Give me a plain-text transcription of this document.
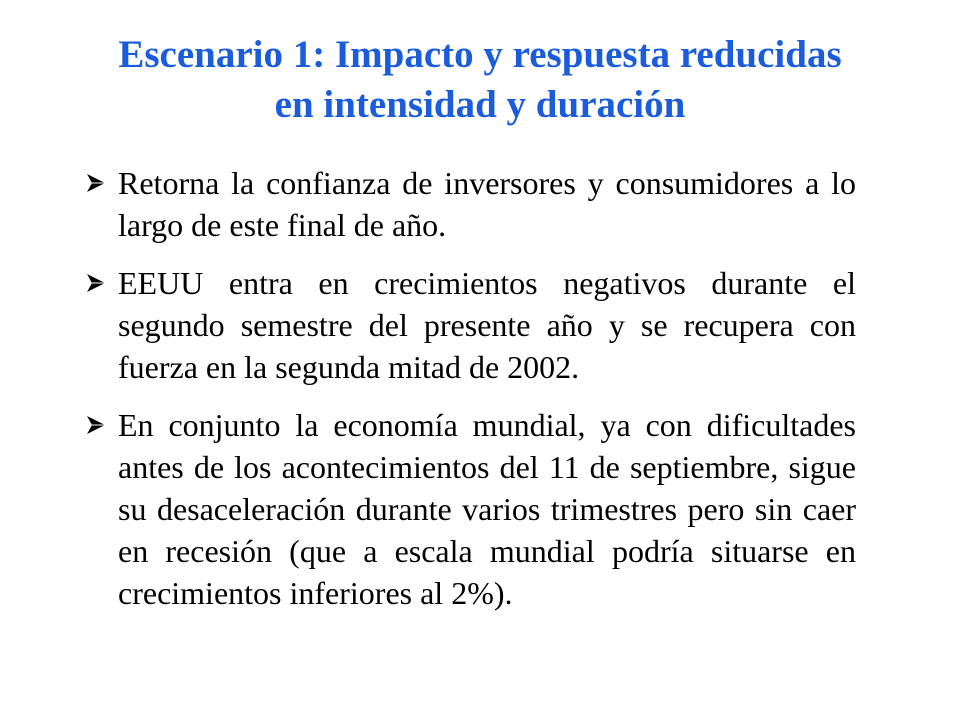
Escenario 1: Impacto y respuesta reducidas
en intensidad y duración
Retorna la confianza de inversores y consumidores a lo largo de este final de año.
EEUU entra en crecimientos negativos durante el segundo semestre del presente año y se recupera con fuerza en la segunda mitad de 2002.
En conjunto la economía mundial, ya con dificultades antes de los acontecimientos del 11 de septiembre, sigue su desaceleración durante varios trimestres pero sin caer en recesión (que a escala mundial podría situarse en crecimientos inferiores al 2%).
